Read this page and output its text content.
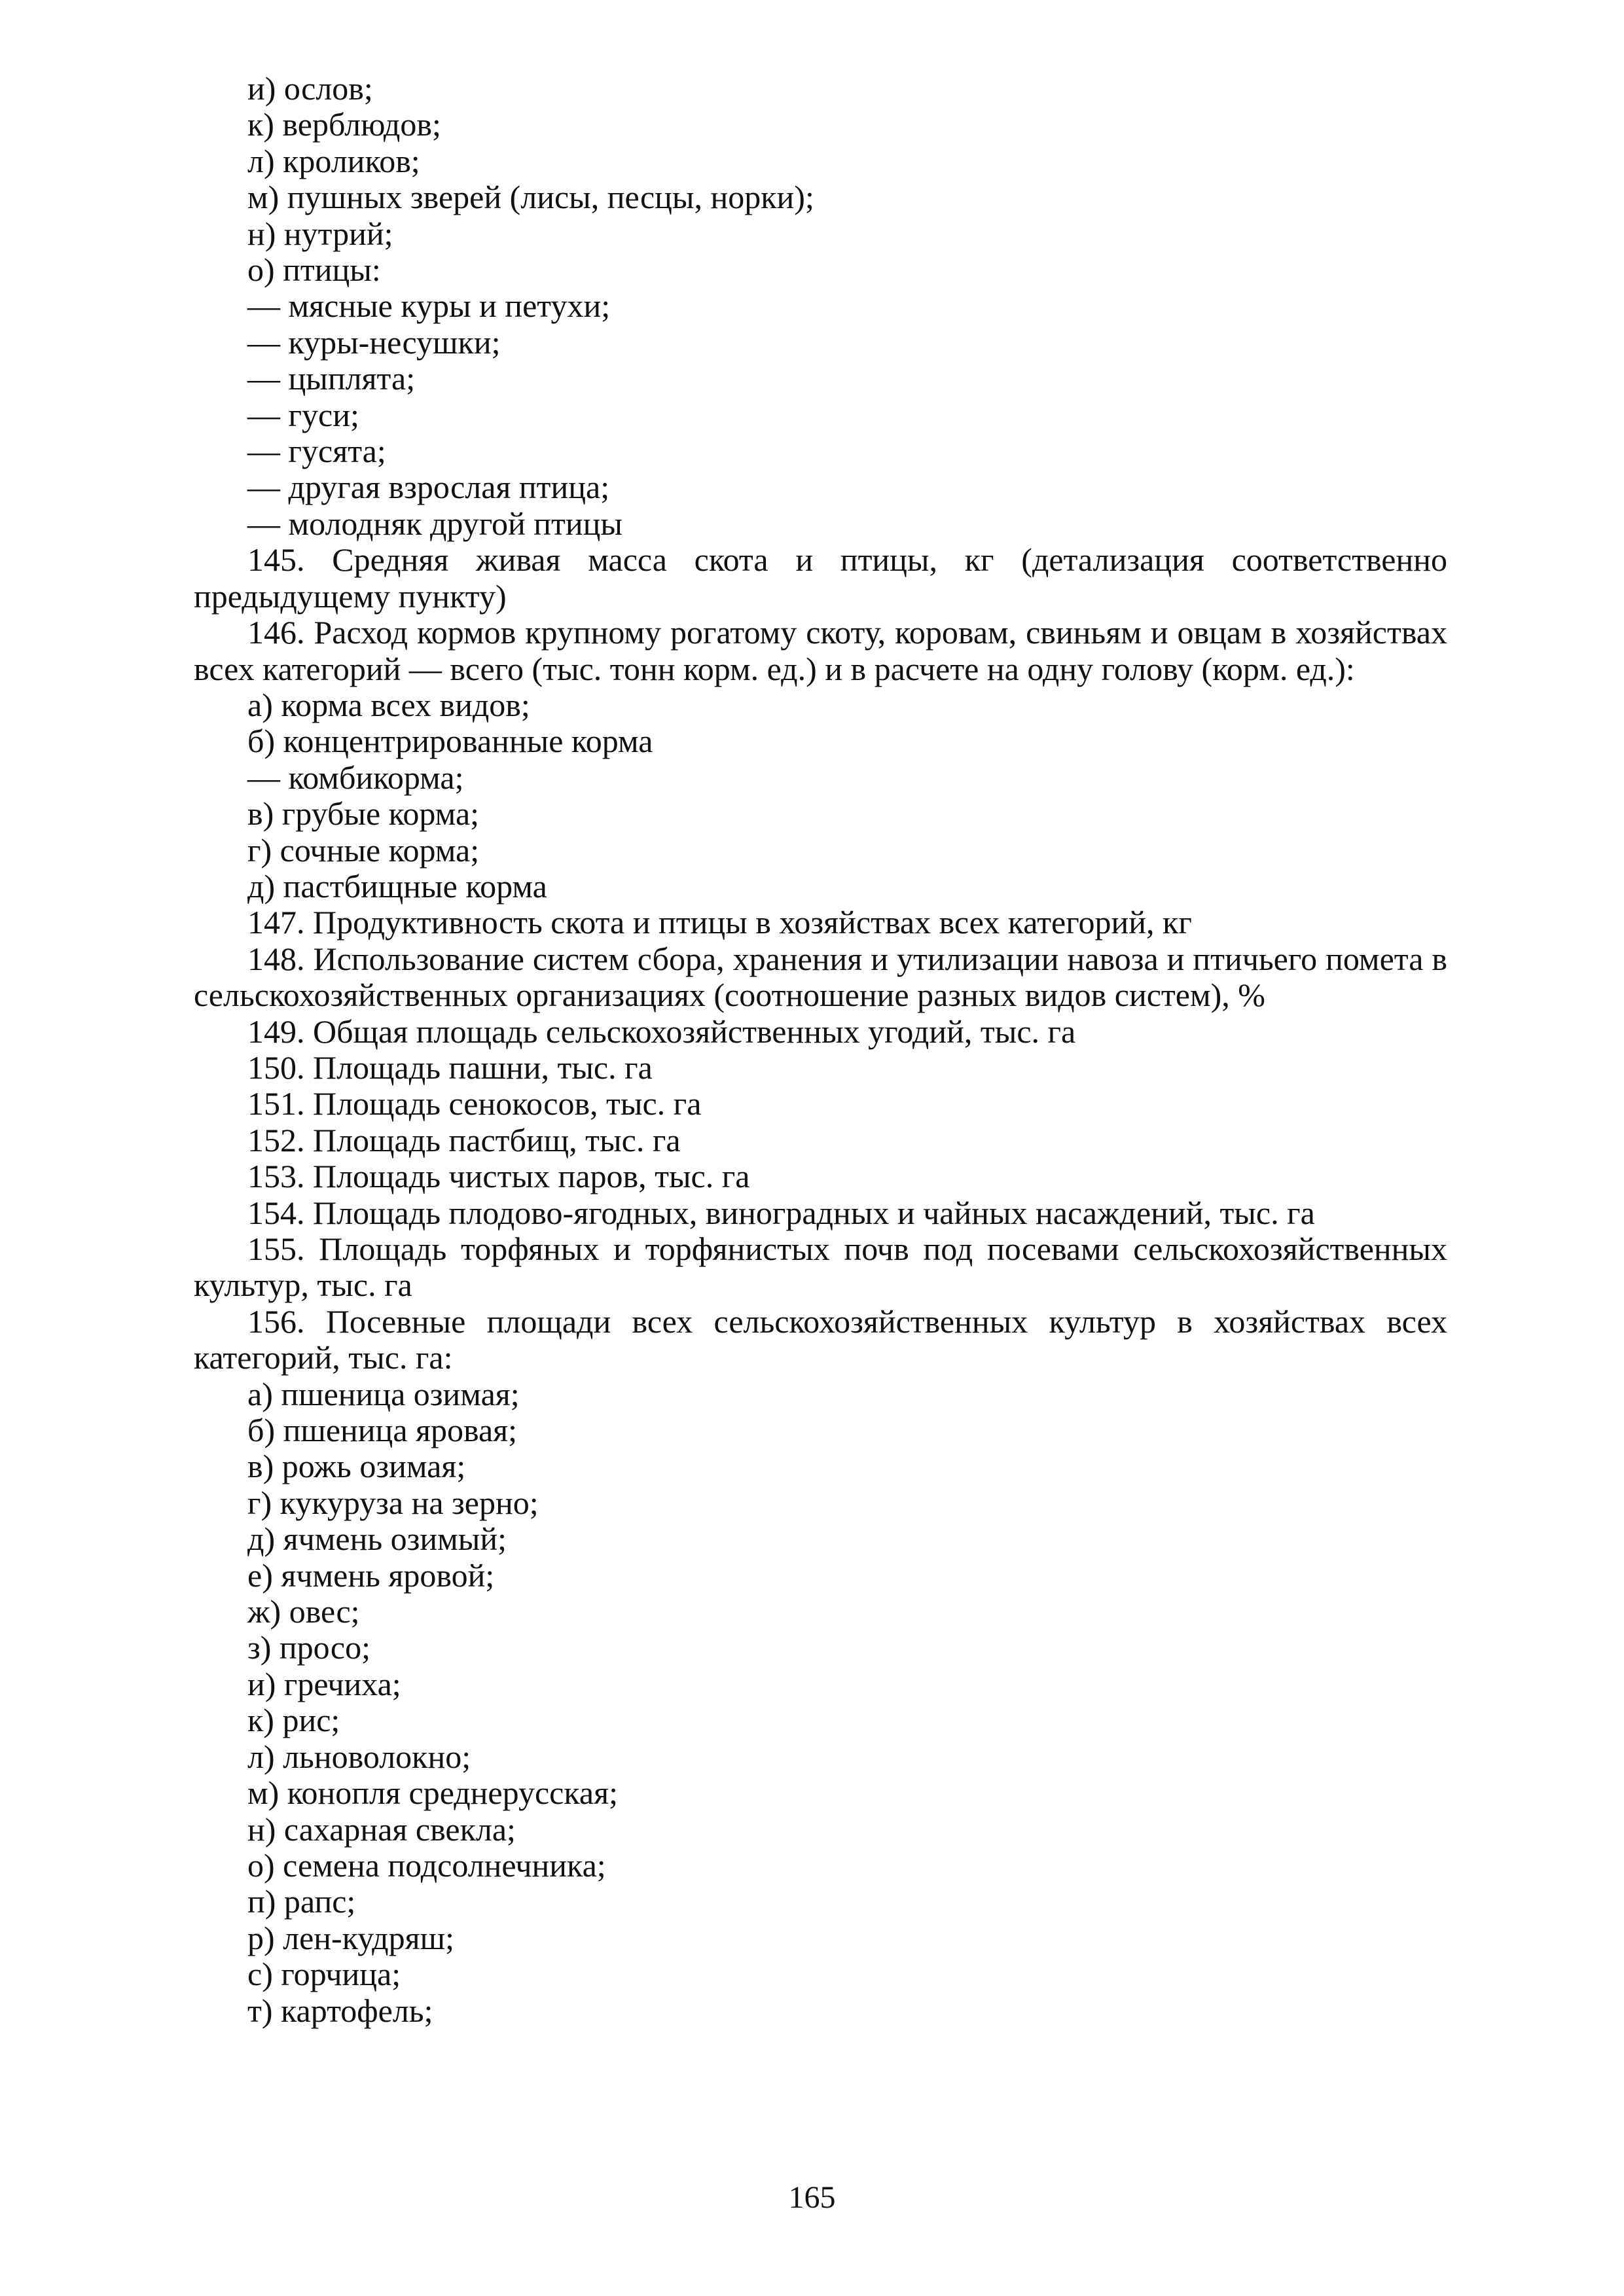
и) ослов;
к) верблюдов;
л) кроликов;
м) пушных зверей (лисы, песцы, норки);
н) нутрий;
о) птицы:
— мясные куры и петухи;
— куры-несушки;
— цыплята;
— гуси;
— гусята;
— другая взрослая птица;
— молодняк другой птицы

145. Средняя живая масса скота и птицы, кг (детализация соответственно предыдущему пункту)

146. Расход кормов крупному рогатому скоту, коровам, свиньям и овцам в хозяйствах всех категорий — всего (тыс. тонн корм. ед.) и в расчете на одну голову (корм. ед.):

а) корма всех видов;
б) концентрированные корма
— комбикорма;
в) грубые корма;
г) сочные корма;
д) пастбищные корма

147. Продуктивность скота и птицы в хозяйствах всех категорий, кг

148. Использование систем сбора, хранения и утилизации навоза и птичьего помета в сельскохозяйственных организациях (соотношение разных видов систем), %

149. Общая площадь сельскохозяйственных угодий, тыс. га

150. Площадь пашни, тыс. га

151. Площадь сенокосов, тыс. га

152. Площадь пастбищ, тыс. га

153. Площадь чистых паров, тыс. га

154. Площадь плодово-ягодных, виноградных и чайных насаждений, тыс. га

155. Площадь торфяных и торфянистых почв под посевами сельскохозяйственных культур, тыс. га

156. Посевные площади всех сельскохозяйственных культур в хозяйствах всех категорий, тыс. га:

а) пшеница озимая;
б) пшеница яровая;
в) рожь озимая;
г) кукуруза на зерно;
д) ячмень озимый;
е) ячмень яровой;
ж) овес;
з) просо;
и) гречиха;
к) рис;
л) льноволокно;
м) конопля среднерусская;
н) сахарная свекла;
о) семена подсолнечника;
п) рапс;
р) лен-кудряш;
с) горчица;
т) картофель;
165
